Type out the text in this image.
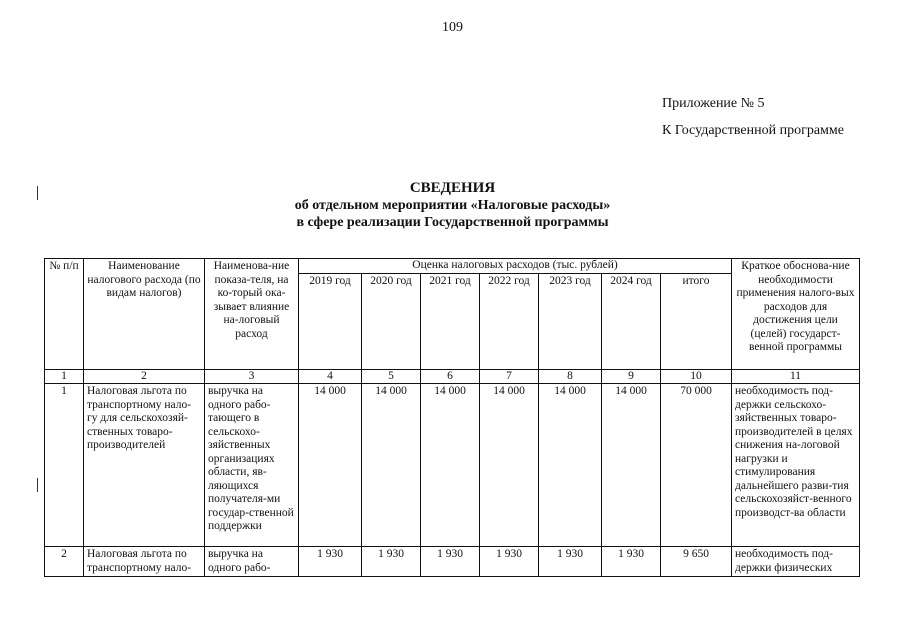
109
Приложение № 5
К Государственной программе
СВЕДЕНИЯ
об отдельном мероприятии «Налоговые расходы»
в сфере реализации Государственной программы
№ п/п	Наименование налогового расхода (по видам налогов)	Наименова-ние показа-теля, на ко-торый ока-зывает влияние на-логовый расход	Оценка налоговых расходов (тыс. рублей)							Краткое обоснова-ние необходимости применения налого-вых расходов для достижения цели (целей) государст-венной программы
			2019 год	2020 год	2021 год	2022 год	2023 год	2024 год	итого	
1	2	3	4	5	6	7	8	9	10	11
1	Налоговая льгота по транспортному нало-гу для сельскохозяй-ственных товаро-производителей	выручка на одного рабо-тающего в сельскохо-зяйственных организациях области, яв-ляющихся получателя-ми государ-ственной поддержки	14 000	14 000	14 000	14 000	14 000	14 000	70 000	необходимость под-держки сельскохо-зяйственных товаро-производителей в целях снижения на-логовой нагрузки и стимулирования дальнейшего разви-тия сельскохозяйст-венного производст-ва области
2	Налоговая льгота по транспортному нало-	выручка на одного рабо-	1 930	1 930	1 930	1 930	1 930	1 930	9 650	необходимость под-держки физических
